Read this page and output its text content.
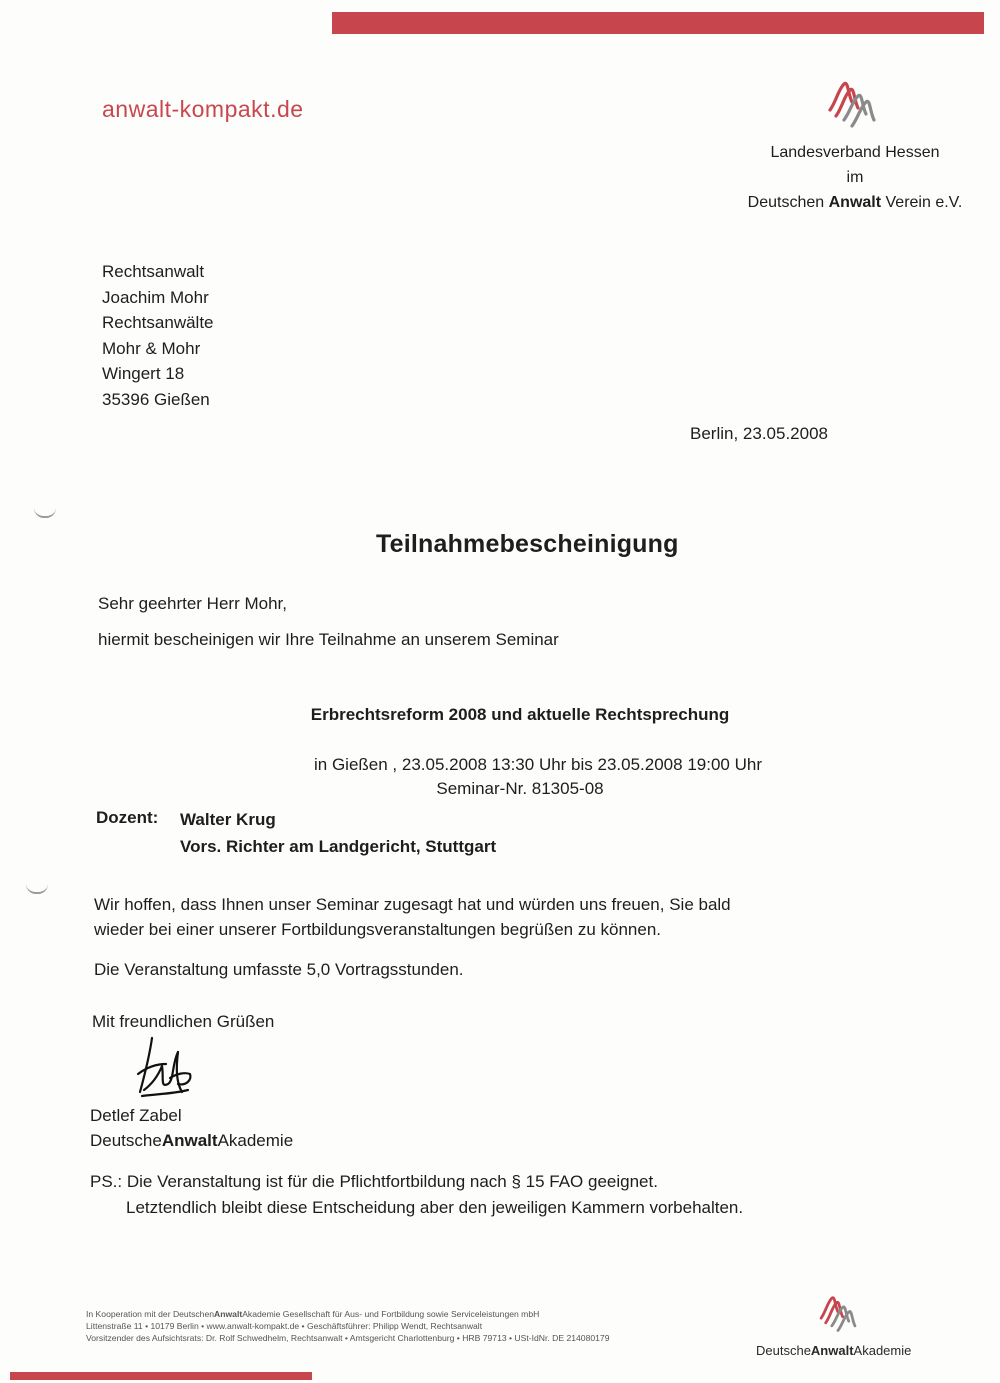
anwalt-kompakt.de
Landesverband Hessen
im
Deutschen Anwalt Verein e.V.
Rechtsanwalt
Joachim Mohr
Rechtsanwälte
Mohr & Mohr
Wingert 18
35396 Gießen
Berlin, 23.05.2008
Teilnahmebescheinigung
Sehr geehrter Herr Mohr,
hiermit bescheinigen wir Ihre Teilnahme an unserem Seminar
Erbrechtsreform 2008 und aktuelle Rechtsprechung
in Gießen , 23.05.2008 13:30 Uhr bis 23.05.2008 19:00 Uhr
Seminar-Nr. 81305-08
Dozent: Walter Krug
Vors. Richter am Landgericht, Stuttgart
Wir hoffen, dass Ihnen unser Seminar zugesagt hat und würden uns freuen, Sie bald
wieder bei einer unserer Fortbildungsveranstaltungen begrüßen zu können.
Die Veranstaltung umfasste 5,0 Vortragsstunden.
Mit freundlichen Grüßen
Detlef Zabel
DeutscheAnwaltAkademie
PS.: Die Veranstaltung ist für die Pflichtfortbildung nach § 15 FAO geeignet.
Letztendlich bleibt diese Entscheidung aber den jeweiligen Kammern vorbehalten.
In Kooperation mit der DeutschenAnwaltAkademie Gesellschaft für Aus- und Fortbildung sowie Serviceleistungen mbH
Littenstraße 11 • 10179 Berlin • www.anwalt-kompakt.de • Geschäftsführer: Philipp Wendt, Rechtsanwalt
Vorsitzender des Aufsichtsrats: Dr. Rolf Schwedhelm, Rechtsanwalt • Amtsgericht Charlottenburg • HRB 79713 • USt-IdNr. DE 214080179
DeutscheAnwaltAkademie
